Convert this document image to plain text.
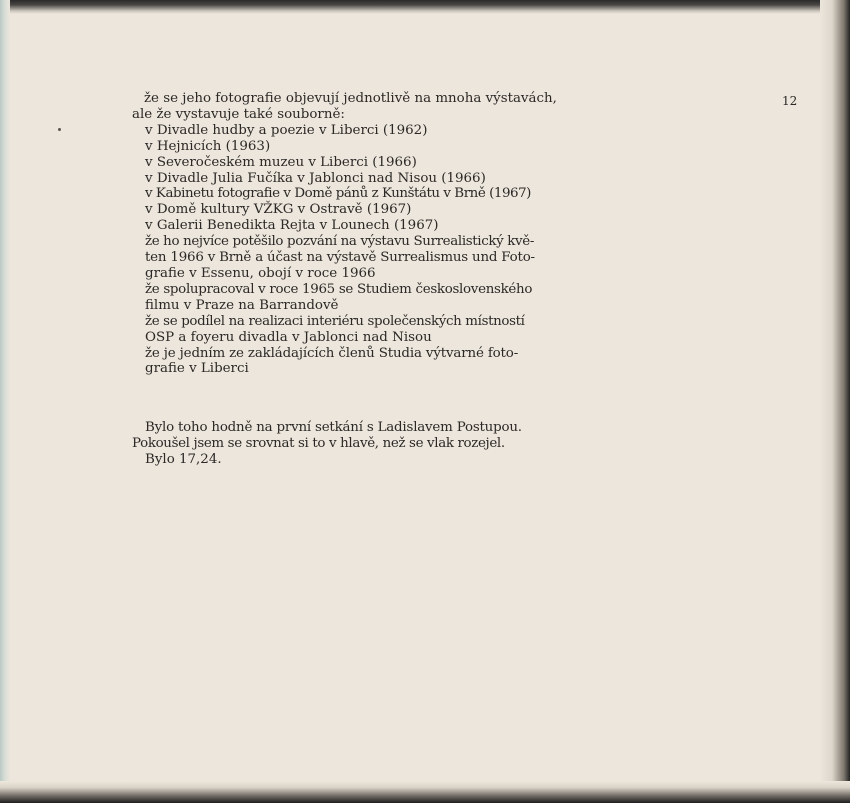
12
že se jeho fotografie objevují jednotlivě na mnoha výstavách,
ale že vystavuje také souborně:
v Divadle hudby a poezie v Liberci (1962)
v Hejnicích (1963)
v Severočeském muzeu v Liberci (1966)
v Divadle Julia Fučíka v Jablonci nad Nisou (1966)
v Kabinetu fotografie v Domě pánů z Kunštátu v Brně (1967)
v Domě kultury VŽKG v Ostravě (1967)
v Galerii Benedikta Rejta v Lounech (1967)
že ho nejvíce potěšilo pozvání na výstavu Surrealistický kvě-
ten 1966 v Brně a účast na výstavě Surrealismus und Foto-
grafie v Essenu, obojí v roce 1966
že spolupracoval v roce 1965 se Studiem československého
filmu v Praze na Barrandově
že se podílel na realizaci interiéru společenských místností
OSP a foyeru divadla v Jablonci nad Nisou
že je jedním ze zakládajících členů Studia výtvarné foto-
grafie v Liberci
Bylo toho hodně na první setkání s Ladislavem Postupou.
Pokoušel jsem se srovnat si to v hlavě, než se vlak rozejel.
Bylo 17,24.
